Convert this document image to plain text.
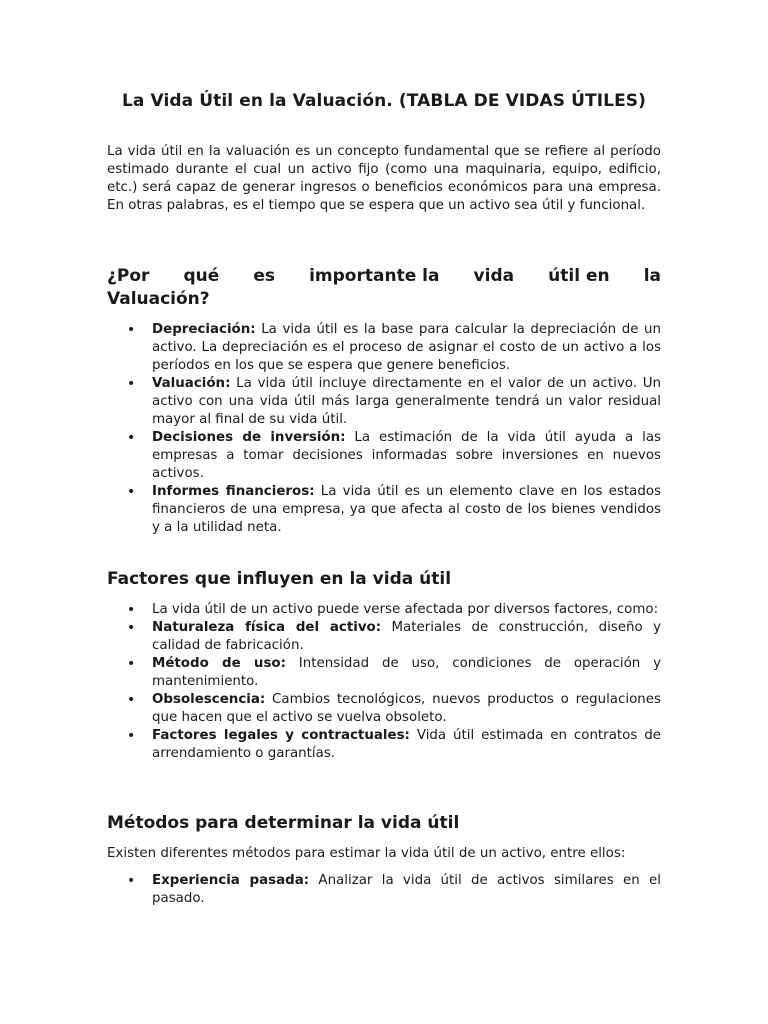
La Vida Útil en la Valuación. (TABLA DE VIDAS ÚTILES)

La vida útil en la valuación es un concepto fundamental que se refiere al período estimado durante el cual un activo fijo (como una maquinaria, equipo, edificio, etc.) será capaz de generar ingresos o beneficios económicos para una empresa. En otras palabras, es el tiempo que se espera que un activo sea útil y funcional.

¿Por qué es importante la vida útil en la
Valuación?
• Depreciación: La vida útil es la base para calcular la depreciación de un activo. La depreciación es el proceso de asignar el costo de un activo a los períodos en los que se espera que genere beneficios.
• Valuación: La vida útil incluye directamente en el valor de un activo. Un activo con una vida útil más larga generalmente tendrá un valor residual mayor al final de su vida útil.
• Decisiones de inversión: La estimación de la vida útil ayuda a las empresas a tomar decisiones informadas sobre inversiones en nuevos activos.
• Informes financieros: La vida útil es un elemento clave en los estados financieros de una empresa, ya que afecta al costo de los bienes vendidos y a la utilidad neta.
Factores que influyen en la vida útil
• La vida útil de un activo puede verse afectada por diversos factores, como:
• Naturaleza física del activo: Materiales de construcción, diseño y calidad de fabricación.
• Método de uso: Intensidad de uso, condiciones de operación y mantenimiento.
• Obsolescencia: Cambios tecnológicos, nuevos productos o regulaciones que hacen que el activo se vuelva obsoleto.
• Factores legales y contractuales: Vida útil estimada en contratos de arrendamiento o garantías.
Métodos para determinar la vida útil

Existen diferentes métodos para estimar la vida útil de un activo, entre ellos:

• Experiencia pasada: Analizar la vida útil de activos similares en el pasado.
